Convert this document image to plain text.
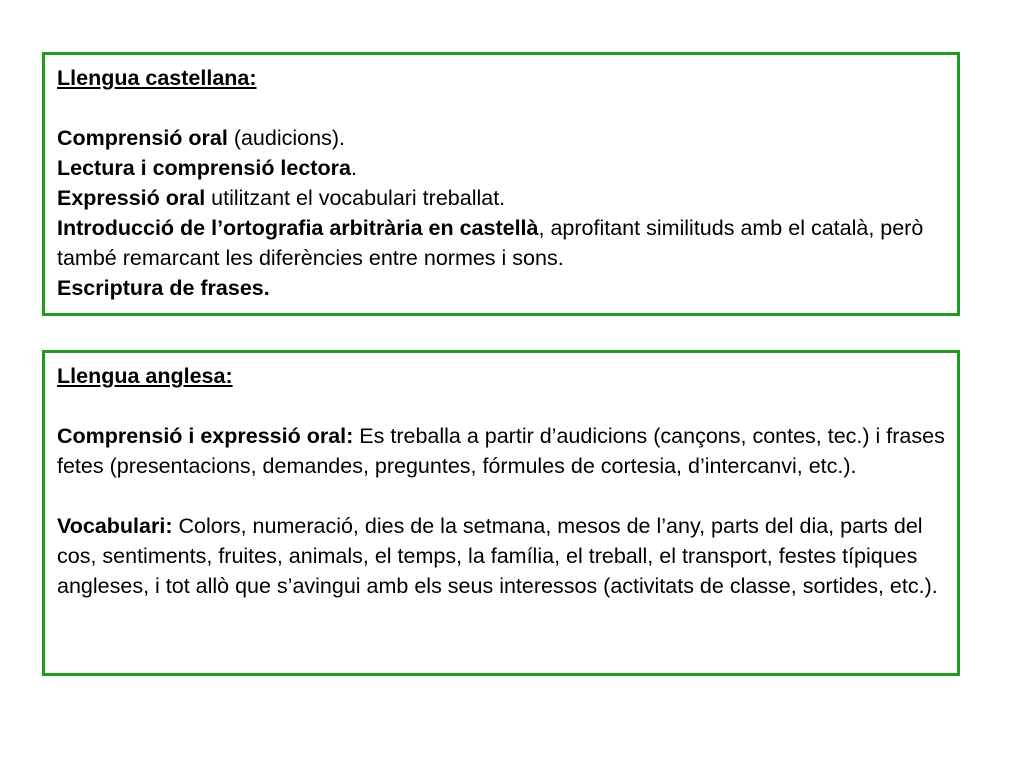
Llengua castellana:
Comprensió oral (audicions).
Lectura i comprensió lectora.
Expressió oral utilitzant el vocabulari treballat.
Introducció de l’ortografia arbitrària en castellà, aprofitant similituds amb el català, però també remarcant les diferències entre normes i sons.
Escriptura de frases.
Llengua anglesa:
Comprensió i expressió oral: Es treballa a partir d’audicions (cançons, contes, tec.) i frases fetes (presentacions, demandes, preguntes, fórmules de cortesia, d’intercanvi, etc.).
Vocabulari: Colors, numeració, dies de la setmana, mesos de l’any, parts del dia, parts del cos, sentiments, fruites, animals, el temps, la família, el treball, el transport, festes típiques angleses, i tot allò que s’avingui amb els seus interessos (activitats de classe, sortides, etc.).
